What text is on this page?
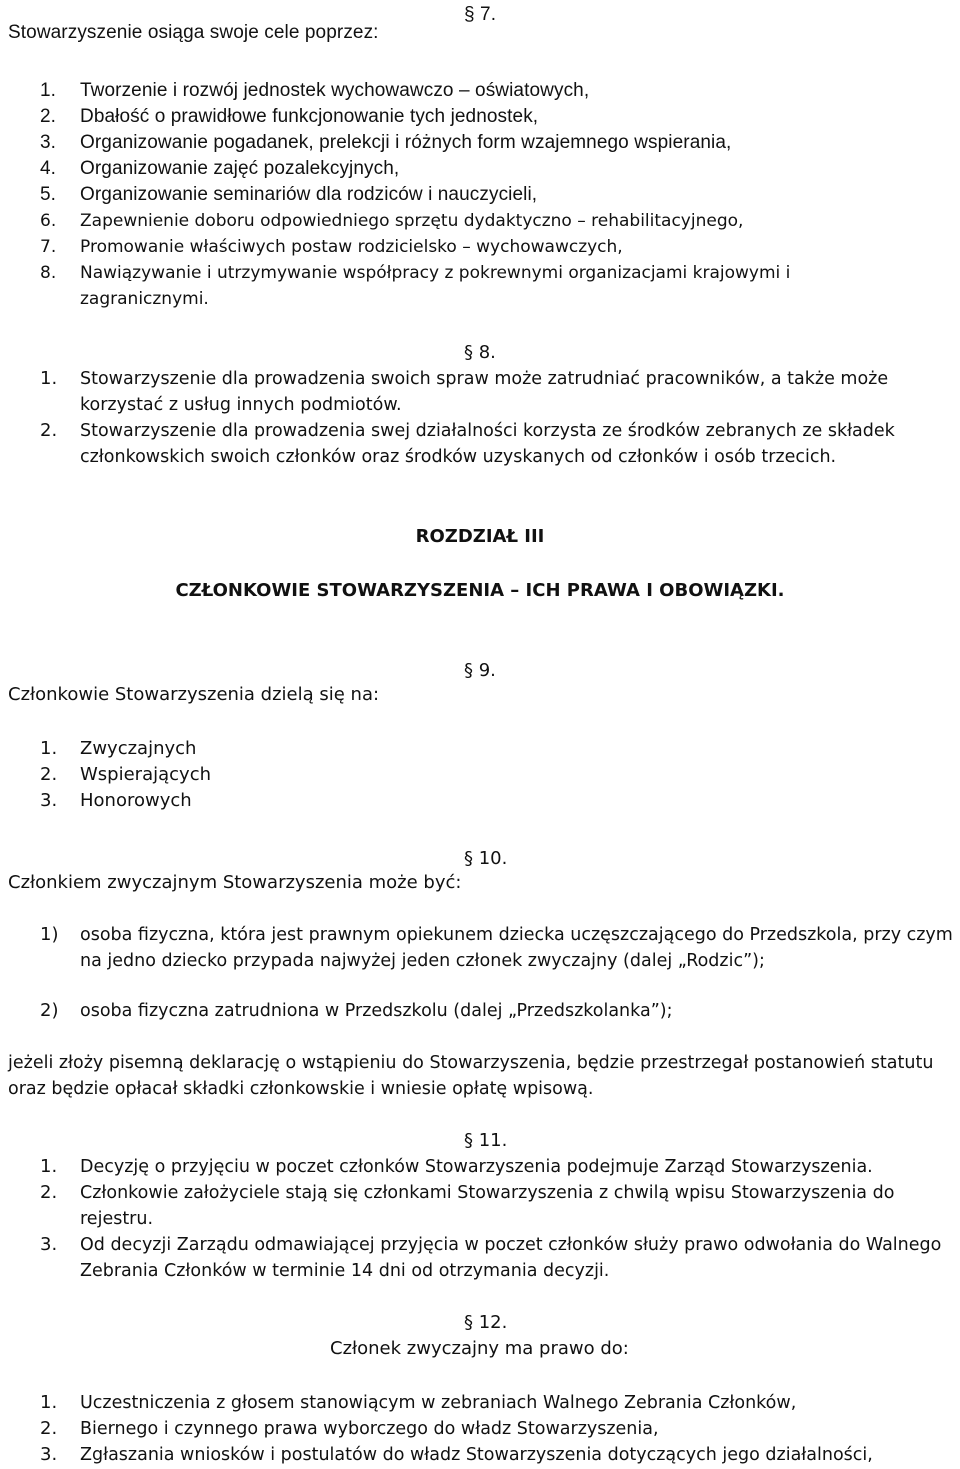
§ 7.
Stowarzyszenie osiąga swoje cele poprzez:
1. Tworzenie i rozwój jednostek wychowawczo – oświatowych,
2. Dbałość o prawidłowe funkcjonowanie tych jednostek,
3. Organizowanie pogadanek, prelekcji i różnych form wzajemnego wspierania,
4. Organizowanie zajęć pozalekcyjnych,
5. Organizowanie seminariów dla rodziców i nauczycieli,
6. Zapewnienie doboru odpowiedniego sprzętu dydaktyczno – rehabilitacyjnego,
7. Promowanie właściwych postaw rodzicielsko – wychowawczych,
8. Nawiązywanie i utrzymywanie współpracy z pokrewnymi organizacjami krajowymi i zagranicznymi.
§ 8.
1. Stowarzyszenie dla prowadzenia swoich spraw może zatrudniać pracowników, a także może korzystać z usług innych podmiotów.
2. Stowarzyszenie dla prowadzenia swej działalności korzysta ze środków zebranych ze składek członkowskich swoich członków oraz środków uzyskanych od członków i osób trzecich.
ROZDZIAŁ III
CZŁONKOWIE STOWARZYSZENIA – ICH PRAWA I OBOWIĄZKI.
§ 9.
Członkowie Stowarzyszenia dzielą się na:
1. Zwyczajnych
2. Wspierających
3. Honorowych
§ 10.
Członkiem zwyczajnym Stowarzyszenia może być:
1) osoba fizyczna, która jest prawnym opiekunem dziecka uczęszczającego do Przedszkola, przy czym na jedno dziecko przypada najwyżej jeden członek zwyczajny (dalej „Rodzic”);
2) osoba fizyczna zatrudniona w Przedszkolu (dalej „Przedszkolanka”);
jeżeli złoży pisemną deklarację o wstąpieniu do Stowarzyszenia, będzie przestrzegał postanowień statutu oraz będzie opłacał składki członkowskie i wniesie opłatę wpisową.
§ 11.
1. Decyzję o przyjęciu w poczet członków Stowarzyszenia podejmuje Zarząd Stowarzyszenia.
2. Członkowie założyciele stają się członkami Stowarzyszenia z chwilą wpisu Stowarzyszenia do rejestru.
3. Od decyzji Zarządu odmawiającej przyjęcia w poczet członków służy prawo odwołania do Walnego Zebrania Członków w terminie 14 dni od otrzymania decyzji.
§ 12.
Członek zwyczajny ma prawo do:
1. Uczestniczenia z głosem stanowiącym w zebraniach Walnego Zebrania Członków,
2. Biernego i czynnego prawa wyborczego do władz Stowarzyszenia,
3. Zgłaszania wniosków i postulatów do władz Stowarzyszenia dotyczących jego działalności,
